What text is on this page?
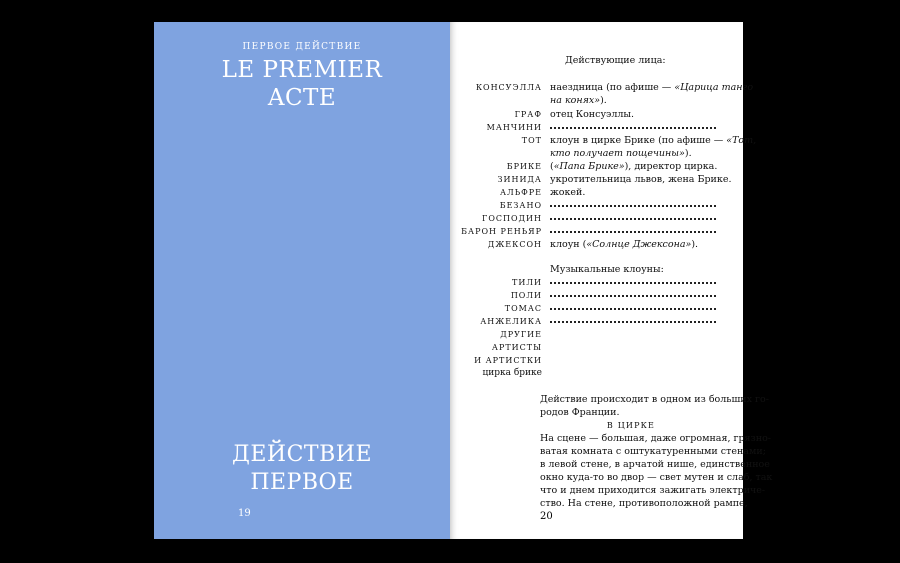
ПЕРВОЕ ДЕЙСТВИЕ
LE PREMIER
ACTE
ДЕЙСТВИЕ
ПЕРВОЕ
19
Действующие лица:
КОНСУЭЛЛА наездница (по афише — «Царица танго
на конях»).
ГРАФ отец Консуэллы.
МАНЧИНИ
ТОТ клоун в цирке Брике (по афише — «Тот,
кто получает пощечины»).
БРИКЕ («Папа Брике»), директор цирка.
ЗИНИДА укротительница львов, жена Брике.
АЛЬФРЕ жокей.
БЕЗАНО
ГОСПОДИН
БАРОН РЕНЬЯР
ДЖЕКСОН клоун («Солнце Джексона»).
Музыкальные клоуны:
ТИЛИ
ПОЛИ
ТОМАС
АНЖЕЛИКА
ДРУГИЕ
АРТИСТЫ
И АРТИСТКИ
цирка брике
Действие происходит в одном из больших го-
родов Франции.
В ЦИРКЕ
На сцене — большая, даже огромная, грязно-
ватая комната с оштукатуренными стенами;
в левой стене, в арчатой нише, единственное
окно куда-то во двор — свет мутен и слаб, так
что и днем приходится зажигать электриче-
ство. На стене, противоположной рампе,
20
